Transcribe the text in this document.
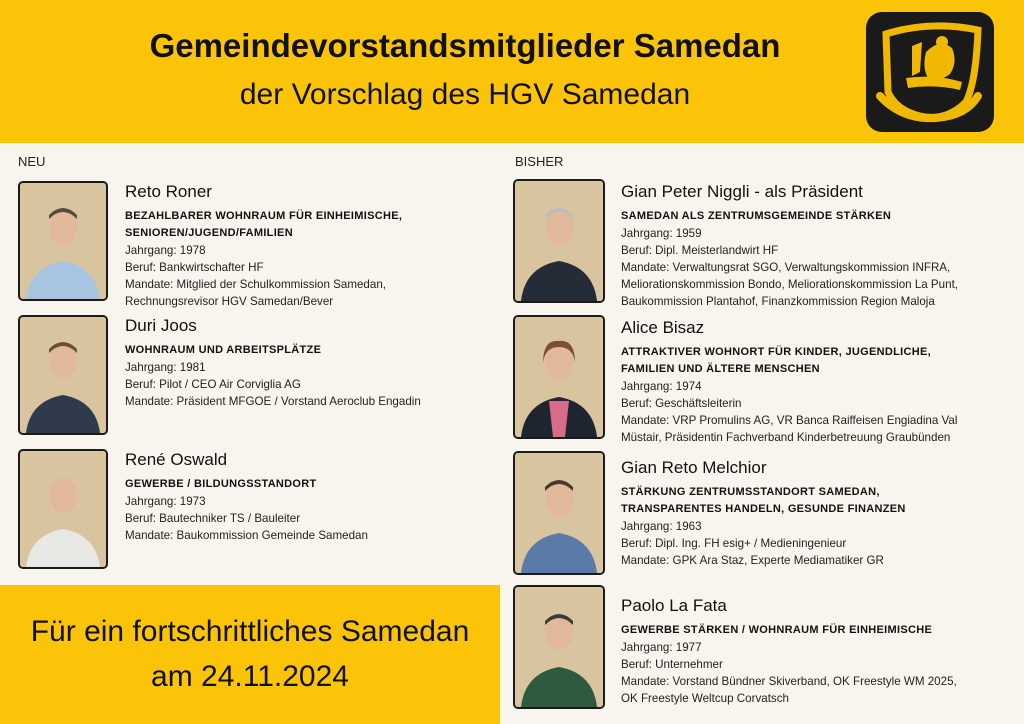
Gemeindevorstandsmitglieder Samedan
der Vorschlag des HGV Samedan
NEU	BISHER
Reto Roner
BEZAHLBARER WOHNRAUM FÜR EINHEIMISCHE,
SENIOREN/JUGEND/FAMILIEN
Jahrgang: 1978
Beruf: Bankwirtschafter HF
Mandate: Mitglied der Schulkommission Samedan,
Rechnungsrevisor HGV Samedan/Bever
Duri Joos
WOHNRAUM UND ARBEITSPLÄTZE
Jahrgang: 1981
Beruf: Pilot / CEO Air Corviglia AG
Mandate: Präsident MFGOE / Vorstand Aeroclub Engadin
René Oswald
GEWERBE / BILDUNGSSTANDORT
Jahrgang: 1973
Beruf: Bautechniker TS / Bauleiter
Mandate: Baukommission Gemeinde Samedan
Gian Peter Niggli - als Präsident
SAMEDAN ALS ZENTRUMSGEMEINDE STÄRKEN
Jahrgang: 1959
Beruf: Dipl. Meisterlandwirt HF
Mandate: Verwaltungsrat SGO, Verwaltungskommission INFRA,
Meliorationskommission Bondo, Meliorationskommission La Punt,
Baukommission Plantahof, Finanzkommission Region Maloja
Alice Bisaz
ATTRAKTIVER WOHNORT FÜR KINDER, JUGENDLICHE,
FAMILIEN UND ÄLTERE MENSCHEN
Jahrgang: 1974
Beruf: Geschäftsleiterin
Mandate: VRP Promulins AG, VR Banca Raiffeisen Engiadina Val
Müstair, Präsidentin Fachverband Kinderbetreuung Graubünden
Gian Reto Melchior
STÄRKUNG ZENTRUMSSTANDORT SAMEDAN,
TRANSPARENTES HANDELN, GESUNDE FINANZEN
Jahrgang: 1963
Beruf: Dipl. Ing. FH esig+ / Medieningenieur
Mandate: GPK Ara Staz, Experte Mediamatiker GR
Paolo La Fata
GEWERBE STÄRKEN / WOHNRAUM FÜR EINHEIMISCHE
Jahrgang: 1977
Beruf: Unternehmer
Mandate: Vorstand Bündner Skiverband, OK Freestyle WM 2025,
OK Freestyle Weltcup Corvatsch
Für ein fortschrittliches Samedan
am 24.11.2024
